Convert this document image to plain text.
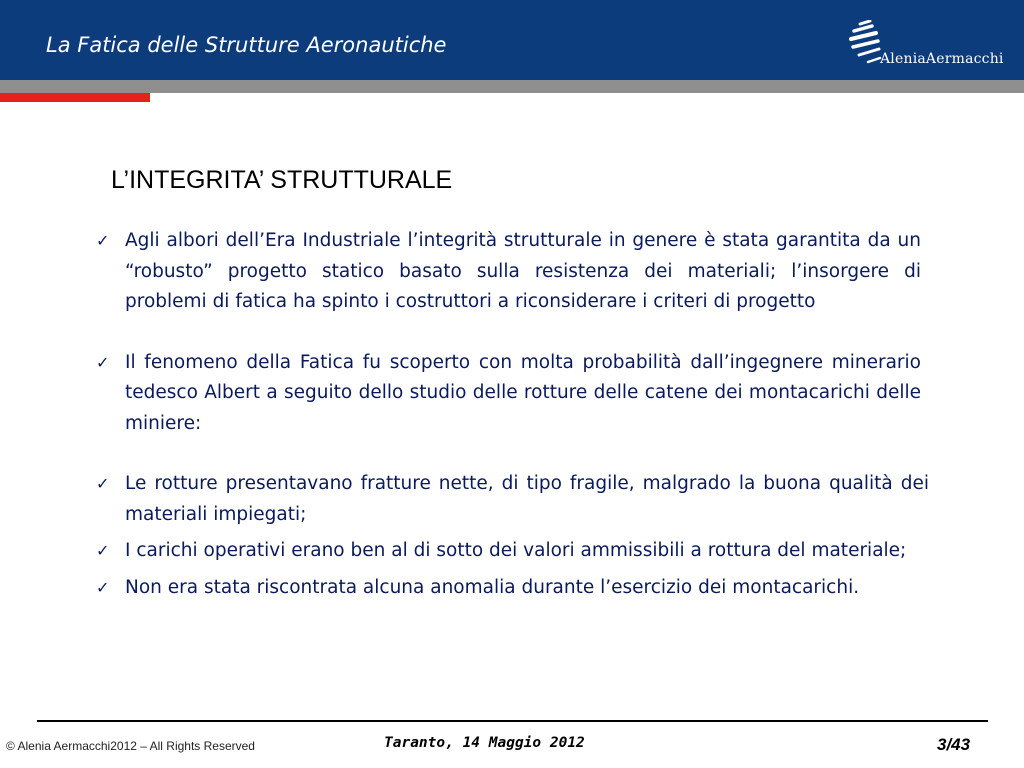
La Fatica delle Strutture Aeronautiche
AleniaAermacchi
L’INTEGRITA’ STRUTTURALE
✓ Agli albori dell’Era Industriale l’integrità strutturale in genere è stata garantita da un “robusto” progetto statico basato sulla resistenza dei materiali; l’insorgere di problemi di fatica ha spinto i costruttori a riconsiderare i criteri di progetto
✓ Il fenomeno della Fatica fu scoperto con molta probabilità dall’ingegnere minerario tedesco Albert a seguito dello studio delle rotture delle catene dei montacarichi delle miniere:
✓ Le rotture presentavano fratture nette, di tipo fragile, malgrado la buona qualità dei materiali impiegati;
✓ I carichi operativi erano ben al di sotto dei valori ammissibili a rottura del materiale;
✓ Non era stata riscontrata alcuna anomalia durante l’esercizio dei montacarichi.
© Alenia Aermacchi2012 – All Rights Reserved	Taranto, 14 Maggio 2012	3/43
